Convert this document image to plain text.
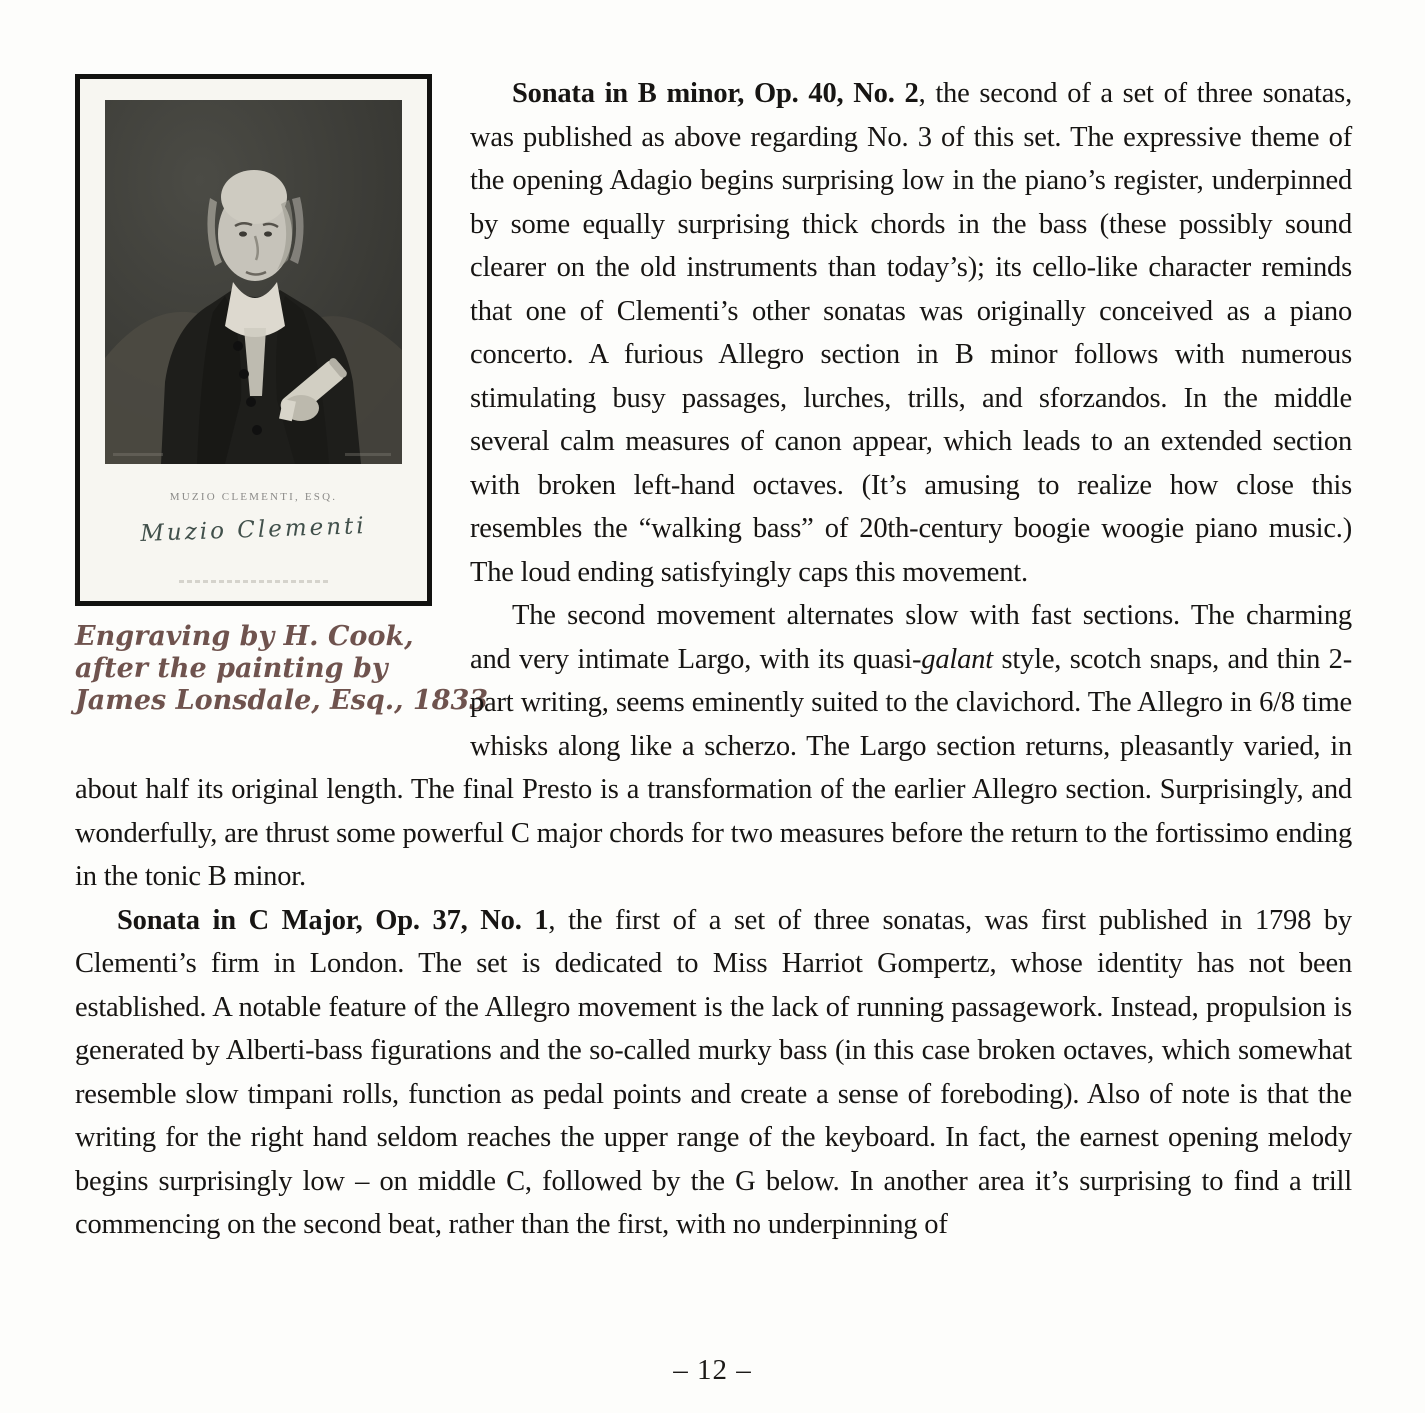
MUZIO CLEMENTI, ESQ.
Muzio Clementi
Engraving by H. Cook,
after the painting by
James Lonsdale, Esq., 1833

Sonata in B minor, Op. 40, No. 2, the second of a set of three sonatas, was published as above regarding No. 3 of this set. The expressive theme of the opening Adagio begins surprising low in the piano’s register, underpinned by some equally surprising thick chords in the bass (these possibly sound clearer on the old instruments than today’s); its cello-like character reminds that one of Clementi’s other sonatas was originally conceived as a piano concerto. A furious Allegro section in B minor follows with numerous stimulating busy passages, lurches, trills, and sforzandos. In the middle several calm measures of canon appear, which leads to an extended section with broken left-hand octaves. (It’s amusing to realize how close this resembles the “walking bass” of 20th-century boogie woogie piano music.) The loud ending satisfyingly caps this movement.

The second movement alternates slow with fast sections. The charming and very intimate Largo, with its quasi-galant style, scotch snaps, and thin 2-part writing, seems eminently suited to the clavichord. The Allegro in 6/8 time whisks along like a scherzo. The Largo section returns, pleasantly varied, in about half its original length. The final Presto is a transformation of the earlier Allegro section. Surprisingly, and wonderfully, are thrust some powerful C major chords for two measures before the return to the fortissimo ending in the tonic B minor.

Sonata in C Major, Op. 37, No. 1, the first of a set of three sonatas, was first published in 1798 by Clementi’s firm in London. The set is dedicated to Miss Harriot Gompertz, whose identity has not been established. A notable feature of the Allegro movement is the lack of running passagework. Instead, propulsion is generated by Alberti-bass figurations and the so-called murky bass (in this case broken octaves, which somewhat resemble slow timpani rolls, function as pedal points and create a sense of foreboding). Also of note is that the writing for the right hand seldom reaches the upper range of the keyboard. In fact, the earnest opening melody begins surprisingly low – on middle C, followed by the G below. In another area it’s surprising to find a trill commencing on the second beat, rather than the first, with no underpinning of

– 12 –
